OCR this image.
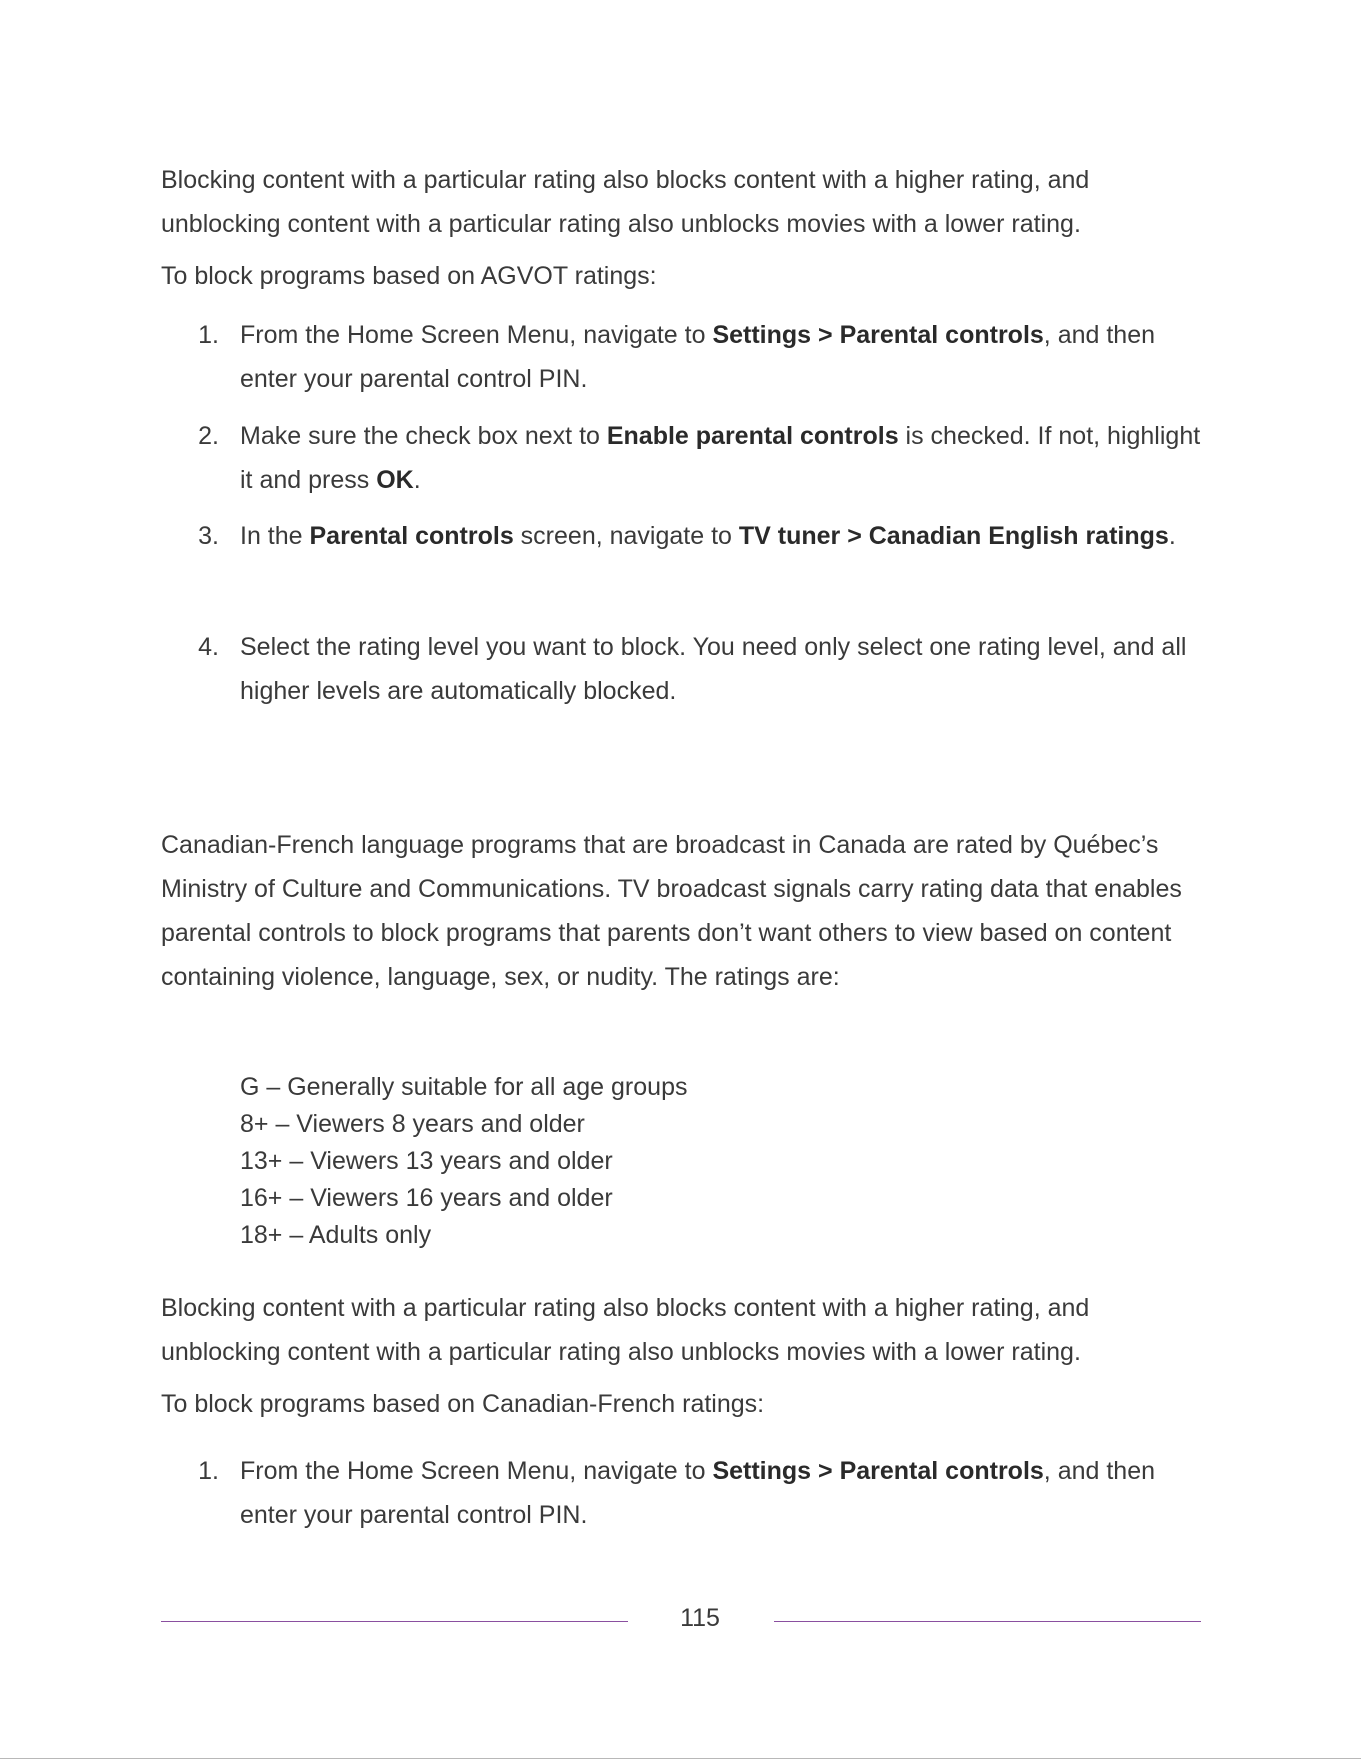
Blocking content with a particular rating also blocks content with a higher rating, and unblocking content with a particular rating also unblocks movies with a lower rating.

To block programs based on AGVOT ratings:

1. From the Home Screen Menu, navigate to Settings > Parental controls, and then enter your parental control PIN.
2. Make sure the check box next to Enable parental controls is checked. If not, highlight it and press OK.
3. In the Parental controls screen, navigate to TV tuner > Canadian English ratings.
4. Select the rating level you want to block. You need only select one rating level, and all higher levels are automatically blocked.

Canadian-French language programs that are broadcast in Canada are rated by Québec’s Ministry of Culture and Communications. TV broadcast signals carry rating data that enables parental controls to block programs that parents don’t want others to view based on content containing violence, language, sex, or nudity. The ratings are:

G – Generally suitable for all age groups
8+ – Viewers 8 years and older
13+ – Viewers 13 years and older
16+ – Viewers 16 years and older
18+ – Adults only

Blocking content with a particular rating also blocks content with a higher rating, and unblocking content with a particular rating also unblocks movies with a lower rating.

To block programs based on Canadian-French ratings:

1. From the Home Screen Menu, navigate to Settings > Parental controls, and then enter your parental control PIN.
115
